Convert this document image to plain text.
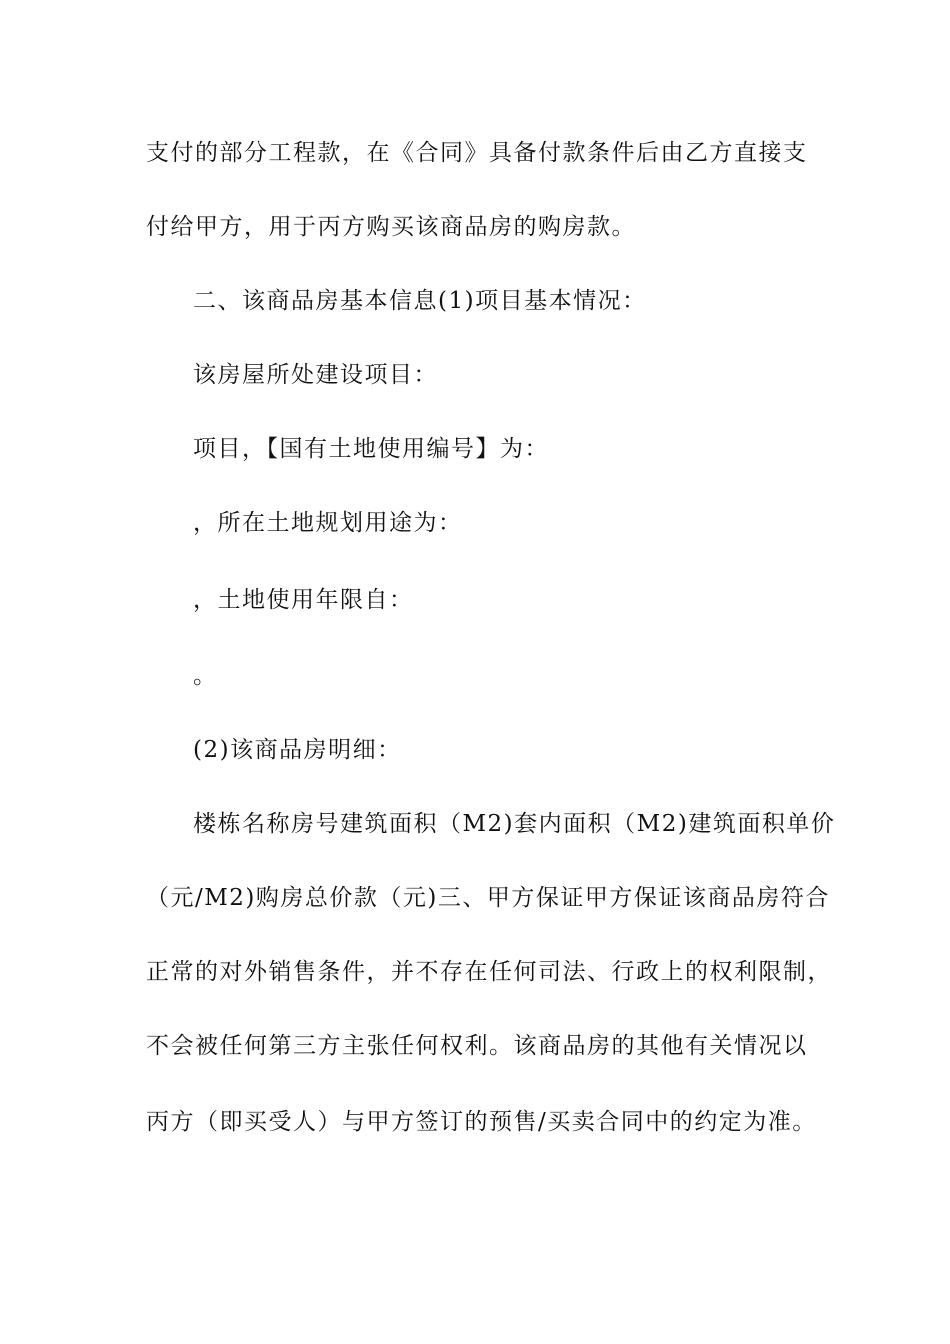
支付的部分工程款，在《合同》具备付款条件后由乙方直接支
付给甲方，用于丙方购买该商品房的购房款。
二、该商品房基本信息(1)项目基本情况：
该房屋所处建设项目：
项目，【国有土地使用编号】为：
，所在土地规划用途为：
，土地使用年限自：
。
(2)该商品房明细：
楼栋名称房号建筑面积（M2)套内面积（M2)建筑面积单价
（元/M2)购房总价款（元)三、甲方保证甲方保证该商品房符合
正常的对外销售条件，并不存在任何司法、行政上的权利限制，
不会被任何第三方主张任何权利。该商品房的其他有关情况以
丙方（即买受人）与甲方签订的预售/买卖合同中的约定为准。
